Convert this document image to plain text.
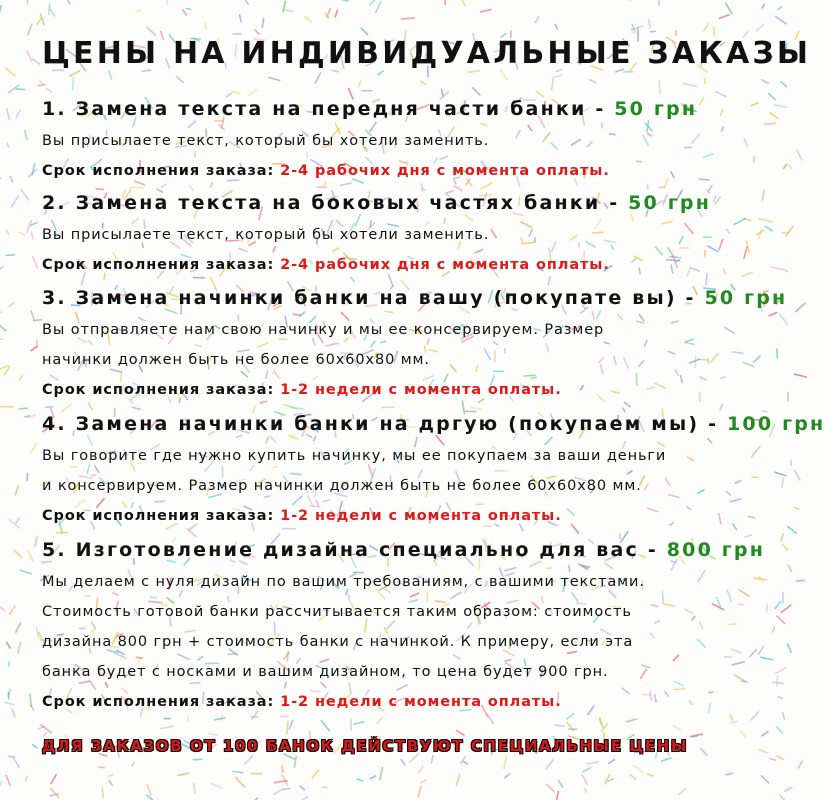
ЦЕНЫ НА ИНДИВИДУАЛЬНЫЕ ЗАКАЗЫ
1. Замена текста на передня части банки - 50 грн
Вы присылаете текст, который бы хотели заменить.
Срок исполнения заказа: 2-4 рабочих дня с момента оплаты.
2. Замена текста на боковых частях банки - 50 грн
Вы присылаете текст, который бы хотели заменить.
Срок исполнения заказа: 2-4 рабочих дня с момента оплаты.
3. Замена начинки банки на вашу (покупате вы) - 50 грн
Вы отправляете нам свою начинку и мы ее консервируем. Размер
начинки должен быть не более 60х60х80 мм.
Срок исполнения заказа: 1-2 недели с момента оплаты.
4. Замена начинки банки на дргую (покупаем мы) - 100 грн
Вы говорите где нужно купить начинку, мы ее покупаем за ваши деньги
и консервируем. Размер начинки должен быть не более 60х60х80 мм.
Срок исполнения заказа: 1-2 недели с момента оплаты.
5. Изготовление дизайна специально для вас - 800 грн
Мы делаем с нуля дизайн по вашим требованиям, с вашими текстами.
Стоимость готовой банки рассчитывается таким образом: стоимость
дизайна 800 грн + стоимость банки с начинкой. К примеру, если эта
банка будет с носками и вашим дизайном, то цена будет 900 грн.
Срок исполнения заказа: 1-2 недели с момента оплаты.
ДЛЯ ЗАКАЗОВ ОТ 100 БАНОК ДЕЙСТВУЮТ СПЕЦИАЛЬНЫЕ ЦЕНЫ
